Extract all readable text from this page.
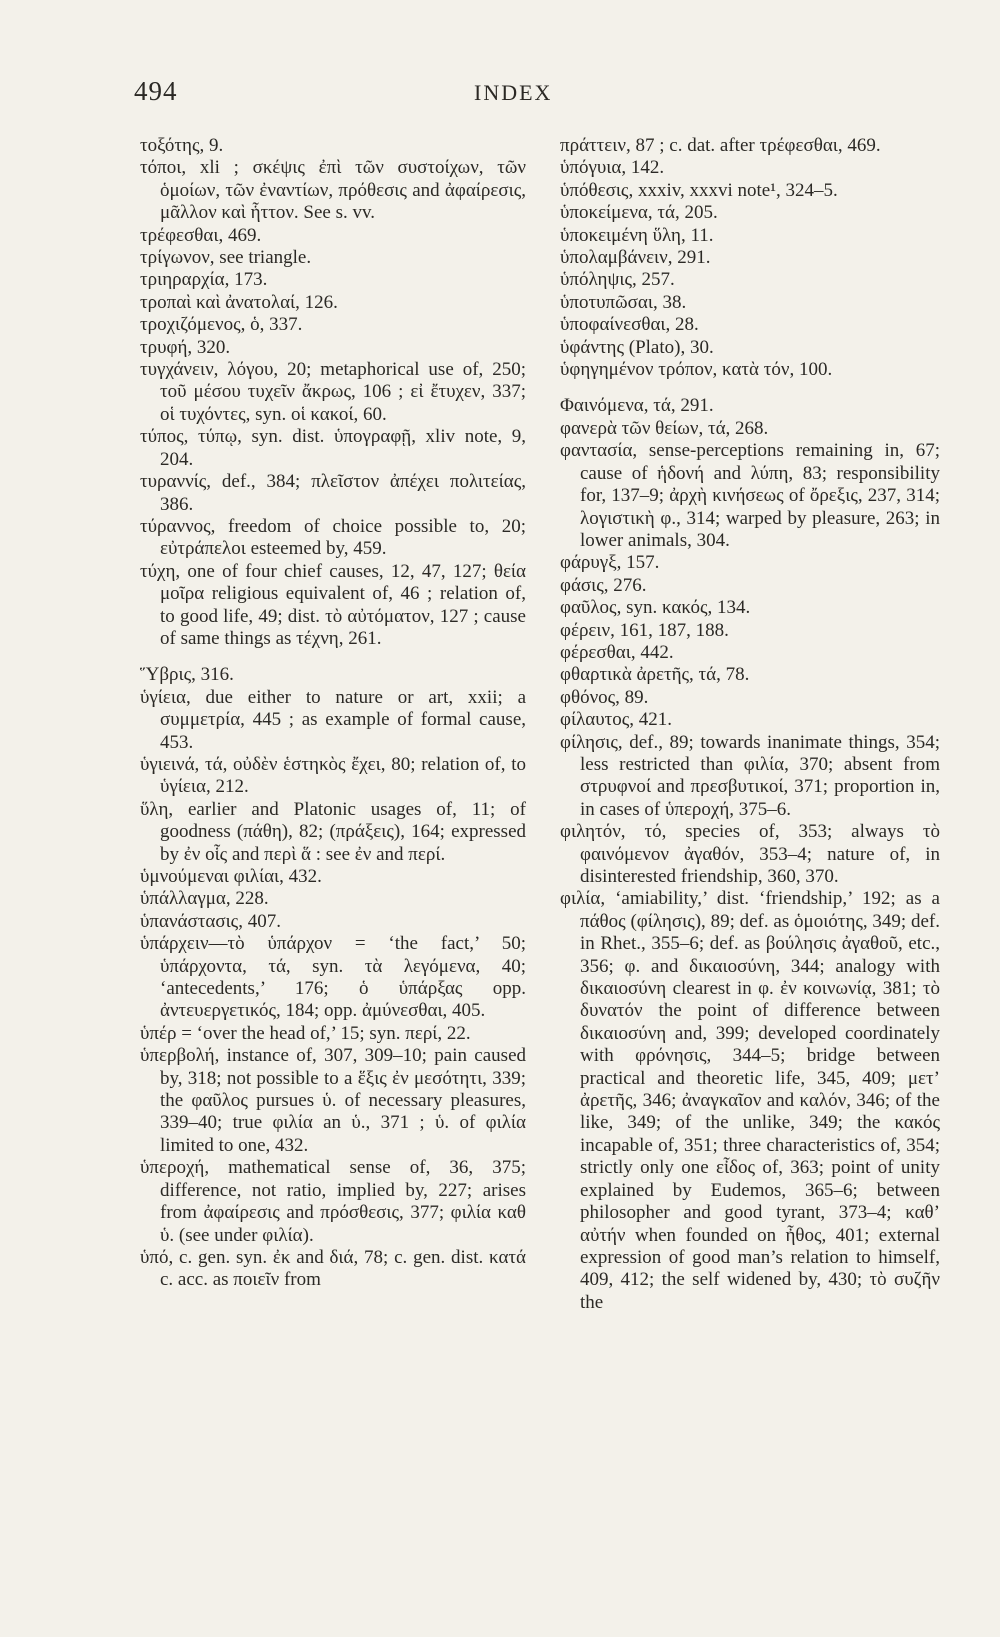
494	INDEX

τοξότης, 9.

τόποι, xli ; σκέψις ἐπὶ τῶν συστοίχων, τῶν ὁμοίων, τῶν ἐναντίων, πρόθεσις and ἀφαίρεσις, μᾶλλον καὶ ἧττον. See s. vv.

τρέφεσθαι, 469.

τρίγωνον, see triangle.

τριηραρχία, 173.

τροπαὶ καὶ ἀνατολαί, 126.

τροχιζόμενος, ὁ, 337.

τρυφή, 320.

τυγχάνειν, λόγου, 20; metaphorical use of, 250; τοῦ μέσου τυχεῖν ἄκρως, 106 ; εἰ ἔτυχεν, 337; οἱ τυχόντες, syn. οἱ κακοί, 60.

τύπος, τύπῳ, syn. dist. ὑπογραφῇ, xliv note, 9, 204.

τυραννίς, def., 384; πλεῖστον ἀπέχει πολιτείας, 386.

τύραννος, freedom of choice possible to, 20; εὐτράπελοι esteemed by, 459.

τύχη, one of four chief causes, 12, 47, 127; θεία μοῖρα religious equivalent of, 46 ; relation of, to good life, 49; dist. τὸ αὐτόματον, 127 ; cause of same things as τέχνη, 261.

Ὕβρις, 316.

ὑγίεια, due either to nature or art, xxii; a συμμετρία, 445 ; as example of formal cause, 453.

ὑγιεινά, τά, οὐδὲν ἑστηκὸς ἔχει, 80; relation of, to ὑγίεια, 212.

ὕλη, earlier and Platonic usages of, 11; of goodness (πάθη), 82; (πράξεις), 164; expressed by ἐν οἷς and περὶ ἅ : see ἐν and περί.

ὑμνούμεναι φιλίαι, 432.

ὑπάλλαγμα, 228.

ὑπανάστασις, 407.

ὑπάρχειν—τὸ ὑπάρχον = ‘the fact,’ 50; ὑπάρχοντα, τά, syn. τὰ λεγόμενα, 40; ‘antecedents,’ 176; ὁ ὑπάρξας opp. ἀντευεργετικός, 184; opp. ἀμύνεσθαι, 405.

ὑπέρ = ‘over the head of,’ 15; syn. περί, 22.

ὑπερβολή, instance of, 307, 309–10; pain caused by, 318; not possible to a ἕξις ἐν μεσότητι, 339; the φαῦλος pursues ὑ. of necessary pleasures, 339–40; true φιλία an ὑ., 371 ; ὑ. of φιλία limited to one, 432.

ὑπεροχή, mathematical sense of, 36, 375; difference, not ratio, implied by, 227; arises from ἀφαίρεσις and πρόσθεσις, 377; φιλία καθ ὑ. (see under φιλία).

ὑπό, c. gen. syn. ἐκ and διά, 78; c. gen. dist. κατά c. acc. as ποιεῖν from

πράττειν, 87 ; c. dat. after τρέφεσθαι, 469.

ὑπόγυια, 142.

ὑπόθεσις, xxxiv, xxxvi note¹, 324–5.

ὑποκείμενα, τά, 205.

ὑποκειμένη ὕλη, 11.

ὑπολαμβάνειν, 291.

ὑπόληψις, 257.

ὑποτυπῶσαι, 38.

ὑποφαίνεσθαι, 28.

ὑφάντης (Plato), 30.

ὑφηγημένον τρόπον, κατὰ τόν, 100.

Φαινόμενα, τά, 291.

φανερὰ τῶν θείων, τά, 268.

φαντασία, sense-perceptions remaining in, 67; cause of ἡδονή and λύπη, 83; responsibility for, 137–9; ἀρχὴ κινήσεως of ὄρεξις, 237, 314; λογιστικὴ φ., 314; warped by pleasure, 263; in lower animals, 304.

φάρυγξ, 157.

φάσις, 276.

φαῦλος, syn. κακός, 134.

φέρειν, 161, 187, 188.

φέρεσθαι, 442.

φθαρτικὰ ἀρετῆς, τά, 78.

φθόνος, 89.

φίλαυτος, 421.

φίλησις, def., 89; towards inanimate things, 354; less restricted than φιλία, 370; absent from στρυφνοί and πρεσβυτικοί, 371; proportion in, in cases of ὑπεροχή, 375–6.

φιλητόν, τό, species of, 353; always τὸ φαινόμενον ἀγαθόν, 353–4; nature of, in disinterested friendship, 360, 370.

φιλία, ‘amiability,’ dist. ‘friendship,’ 192; as a πάθος (φίλησις), 89; def. as ὁμοιότης, 349; def. in Rhet., 355–6; def. as βούλησις ἀγαθοῦ, etc., 356; φ. and δικαιοσύνη, 344; analogy with δικαιοσύνη clearest in φ. ἐν κοινωνίᾳ, 381; τὸ δυνατόν the point of difference between δικαιοσύνη and, 399; developed coordinately with φρόνησις, 344–5; bridge between practical and theoretic life, 345, 409; μετ’ ἀρετῆς, 346; ἀναγκαῖον and καλόν, 346; of the like, 349; of the unlike, 349; the κακός incapable of, 351; three characteristics of, 354; strictly only one εἶδος of, 363; point of unity explained by Eudemos, 365–6; between philosopher and good tyrant, 373–4; καθ’ αὐτήν when founded on ἦθος, 401; external expression of good man’s relation to himself, 409, 412; the self widened by, 430; τὸ συζῆν the
